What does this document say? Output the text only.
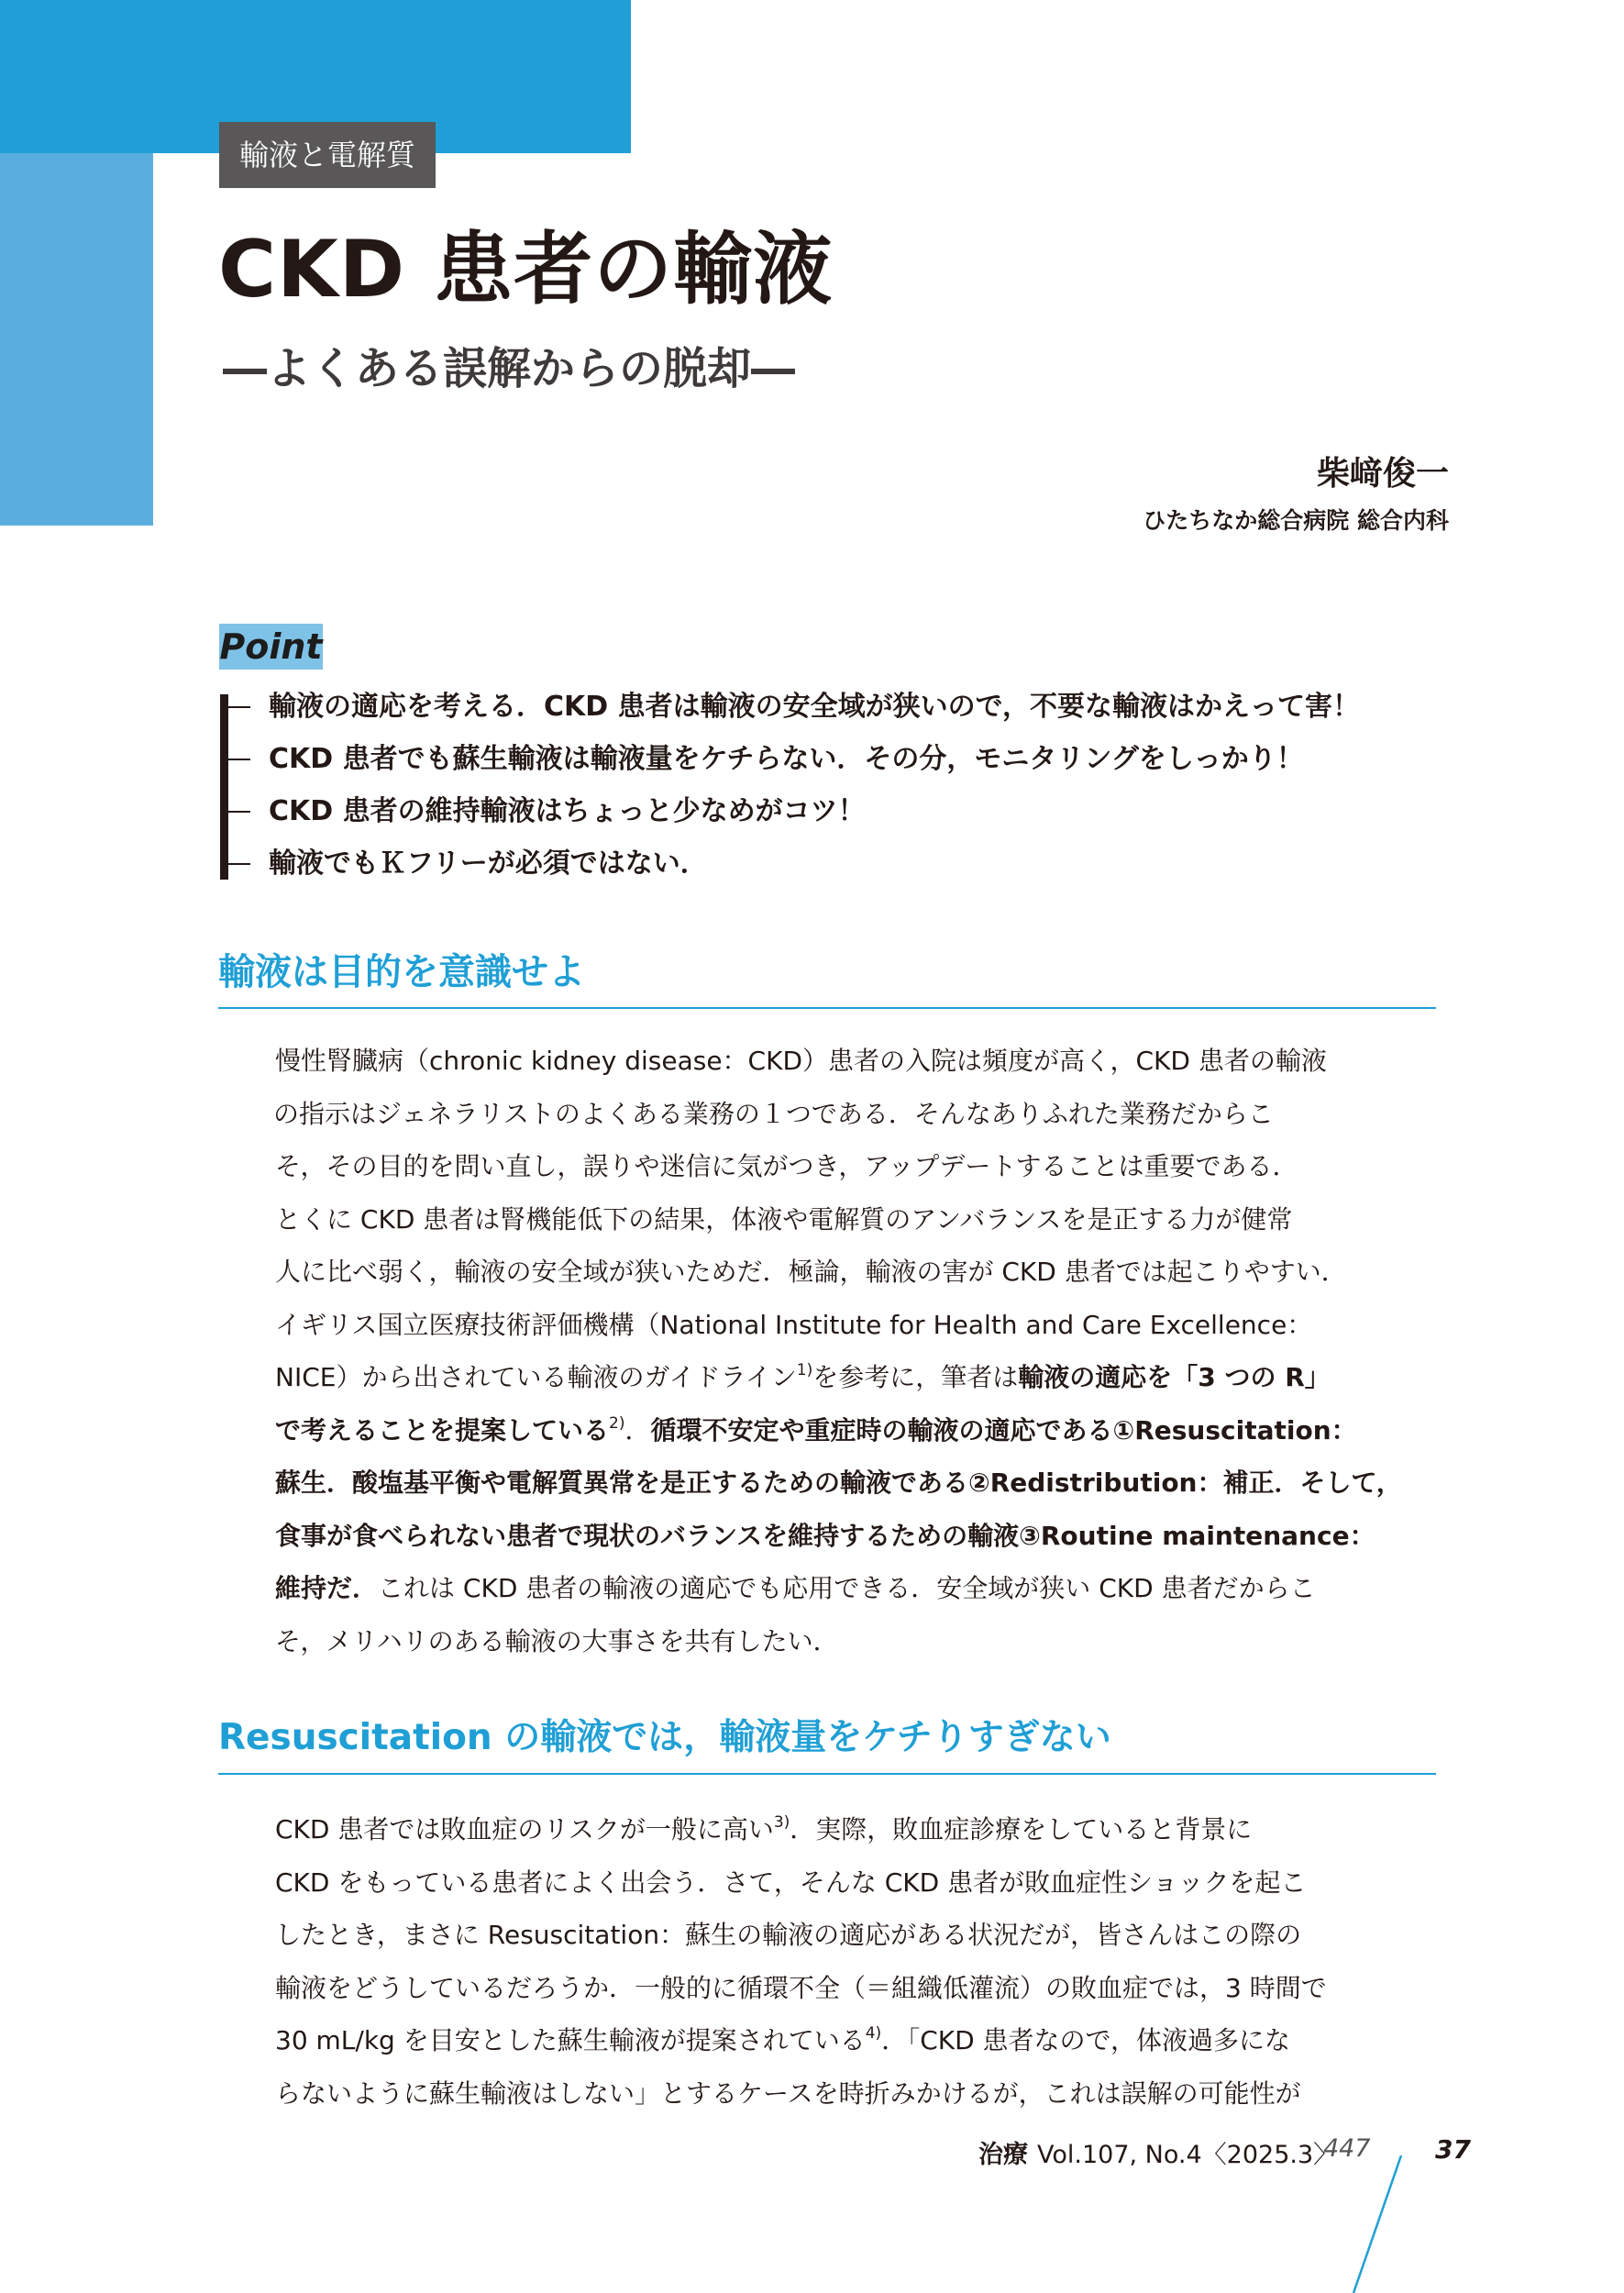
輸液と電解質
CKD 患者の輸液
―よくある誤解からの脱却―
柴﨑俊一
ひたちなか総合病院 総合内科
Point
輸液の適応を考える．CKD 患者は輸液の安全域が狭いので，不要な輸液はかえって害！
CKD 患者でも蘇生輸液は輸液量をケチらない．その分，モニタリングをしっかり！
CKD 患者の維持輸液はちょっと少なめがコツ！
輸液でもＫフリーが必須ではない．
輸液は目的を意識せよ
慢性腎臓病（chronic kidney disease：CKD）患者の入院は頻度が高く，CKD 患者の輸液
の指示はジェネラリストのよくある業務の１つである．そんなありふれた業務だからこ
そ，その目的を問い直し，誤りや迷信に気がつき，アップデートすることは重要である．
とくに CKD 患者は腎機能低下の結果，体液や電解質のアンバランスを是正する力が健常
人に比べ弱く，輸液の安全域が狭いためだ．極論，輸液の害が CKD 患者では起こりやすい．
イギリス国立医療技術評価機構（National Institute for Health and Care Excellence：
NICE）から出されている輸液のガイドライン$^{1)}$を参考に，筆者は輸液の適応を「3 つの R」
で考えることを提案している$^{2)}$．循環不安定や重症時の輸液の適応である①Resuscitation：
蘇生．酸塩基平衡や電解質異常を是正するための輸液である②Redistribution：補正．そして，
食事が食べられない患者で現状のバランスを維持するための輸液③Routine maintenance：
維持だ．これは CKD 患者の輸液の適応でも応用できる．安全域が狭い CKD 患者だからこ
そ，メリハリのある輸液の大事さを共有したい．
Resuscitation の輸液では，輸液量をケチりすぎない
CKD 患者では敗血症のリスクが一般に高い$^{3)}$．実際，敗血症診療をしていると背景に
CKD をもっている患者によく出会う．さて，そんな CKD 患者が敗血症性ショックを起こ
したとき，まさに Resuscitation：蘇生の輸液の適応がある状況だが，皆さんはこの際の
輸液をどうしているだろうか．一般的に循環不全（＝組織低灌流）の敗血症では，3 時間で
30 mL/kg を目安とした蘇生輸液が提案されている$^{4)}$．「CKD 患者なので，体液過多にな
らないように蘇生輸液はしない」とするケースを時折みかけるが，これは誤解の可能性が
治療 Vol.107, No.4〈2025.3〉
447	37
